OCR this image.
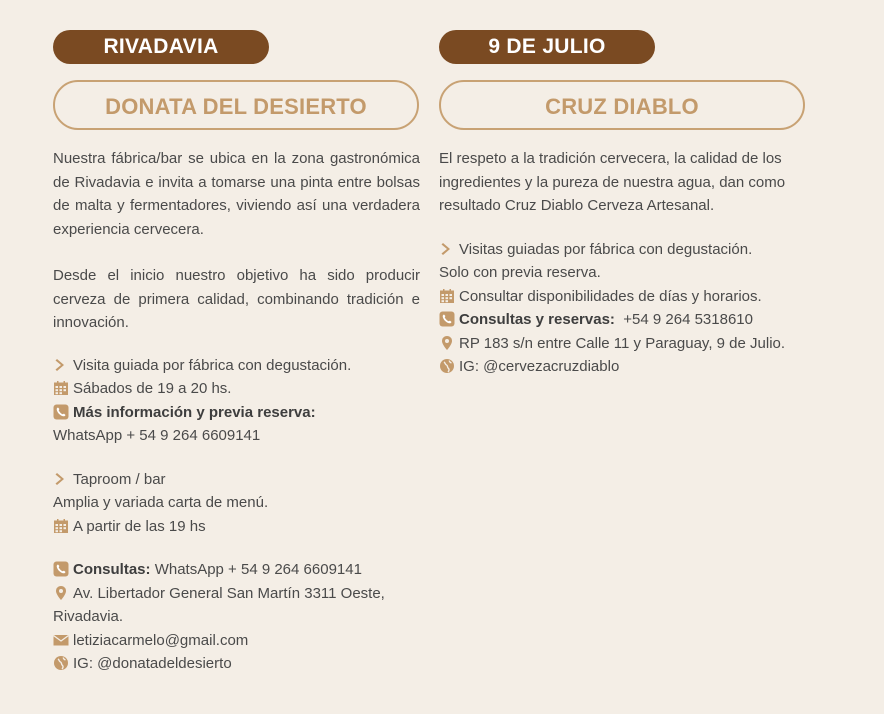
RIVADAVIA
DONATA DEL DESIERTO
Nuestra fábrica/bar se ubica en la zona gastronómica de Rivadavia e invita a tomarse una pinta entre bolsas de malta y fermentadores, viviendo así una verdadera experiencia cervecera.
Desde el inicio nuestro objetivo ha sido producir cerveza de primera calidad, combinando tradición e innovación.
Visita guiada por fábrica con degustación.
Sábados de 19 a 20 hs.
Más información y previa reserva:
WhatsApp + 54 9 264 6609141
Taproom / bar
Amplia y variada carta de menú.
A partir de las 19 hs
Consultas: WhatsApp + 54 9 264 6609141
Av. Libertador General San Martín 3311 Oeste, Rivadavia.
letiziacarmelo@gmail.com
IG: @donatadeldesierto
9 DE JULIO
CRUZ DIABLO
El respeto a la tradición cervecera, la calidad de los ingredientes y la pureza de nuestra agua, dan como resultado Cruz Diablo Cerveza Artesanal.
Visitas guiadas por fábrica con degustación.
Solo con previa reserva.
Consultar disponibilidades de días y horarios.
Consultas y reservas: +54 9 264 5318610
RP 183 s/n entre Calle 11 y Paraguay, 9 de Julio.
IG: @cervezacruzdiablo
